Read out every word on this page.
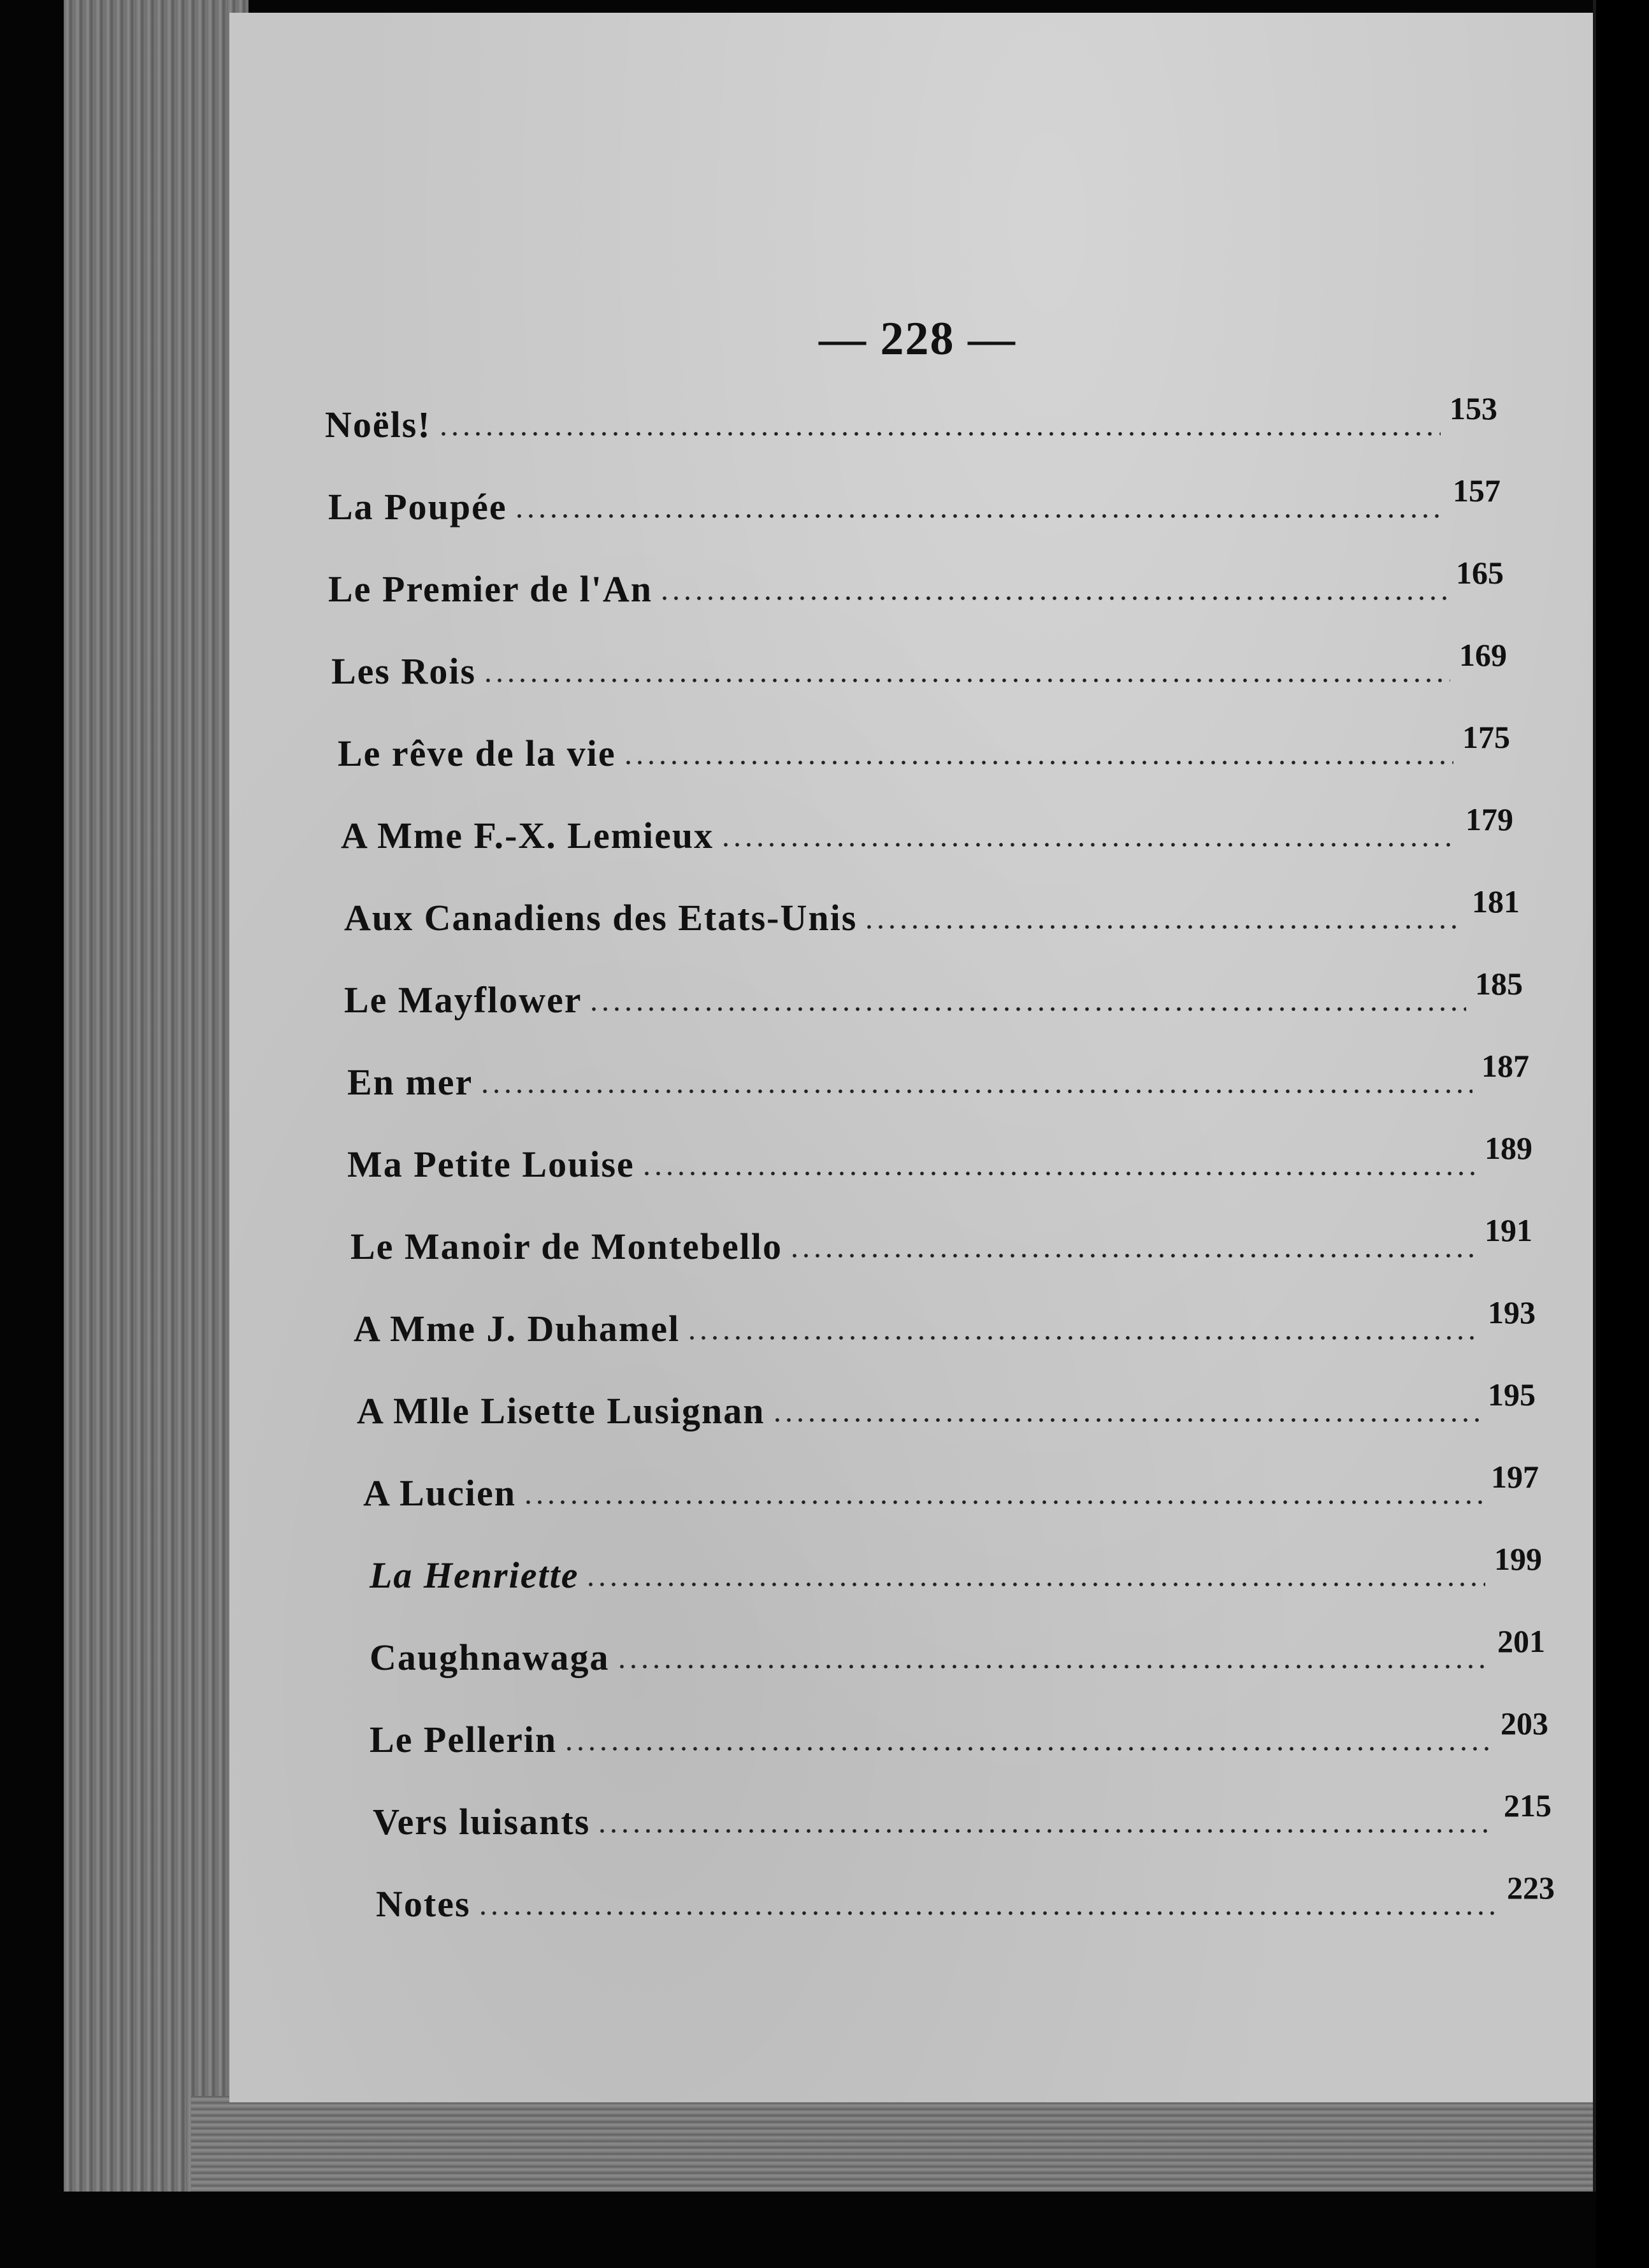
— 228 —
Noëls!	153
La Poupée	157
Le Premier de l'An	165
Les Rois	169
Le rêve de la vie	175
A Mme F.-X. Lemieux	179
Aux Canadiens des Etats-Unis	181
Le Mayflower	185
En mer	187
Ma Petite Louise	189
Le Manoir de Montebello	191
A Mme J. Duhamel	193
A Mlle Lisette Lusignan	195
A Lucien	197
La Henriette	199
Caughnawaga	201
Le Pellerin	203
Vers luisants	215
Notes	223
